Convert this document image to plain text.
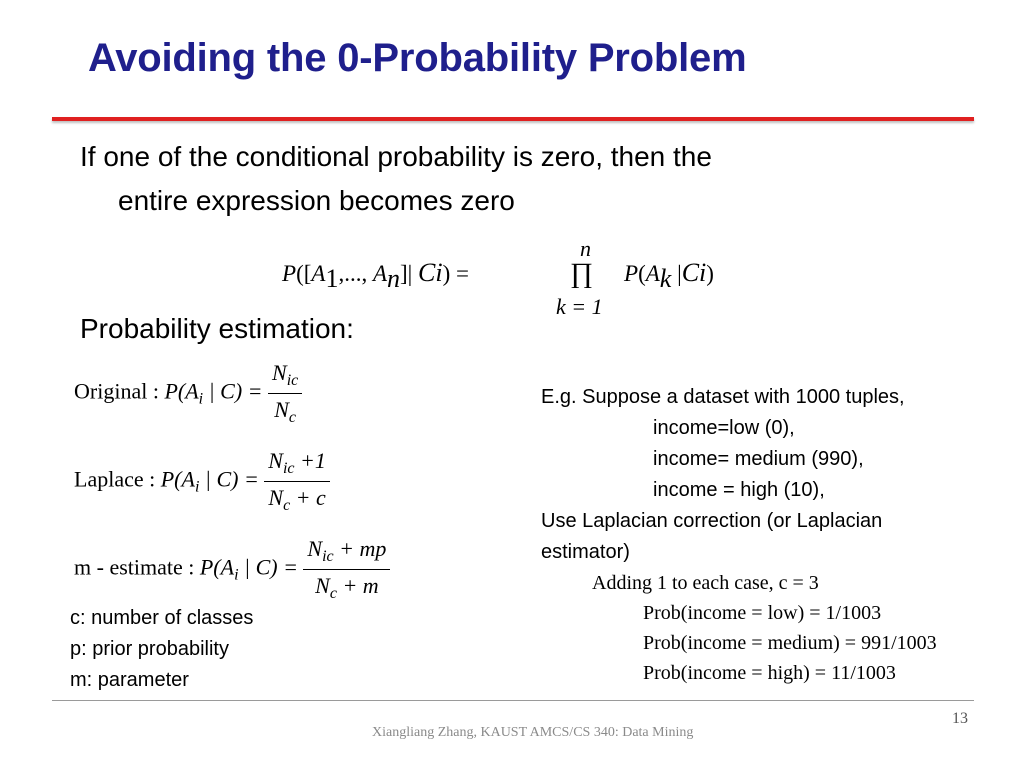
Avoiding the 0-Probability Problem
If one of the conditional probability is zero, then the
entire expression becomes zero
P([A1,..., An]| Ci) =
n
∏
k = 1
P(Ak |Ci)
Probability estimation:
Original : $P(A_i$ | $C) = \frac{N_{ic}}{N_c}$
Laplace : $P(A_i$ | $C) = \frac{N_{ic} +1}{N_c + c}$
m - estimate : $P(A_i$ | $C) = \frac{N_{ic} + mp}{N_c + m}$
c: number of classes
p: prior probability
m: parameter
E.g. Suppose a dataset with 1000 tuples,
income=low (0),
income= medium (990),
income = high (10),
Use Laplacian correction (or Laplacian
estimator)
Adding 1 to each case, c = 3
Prob(income = low) = 1/1003
Prob(income = medium) = 991/1003
Prob(income = high) = 11/1003
13
Xiangliang Zhang, KAUST AMCS/CS 340: Data Mining
